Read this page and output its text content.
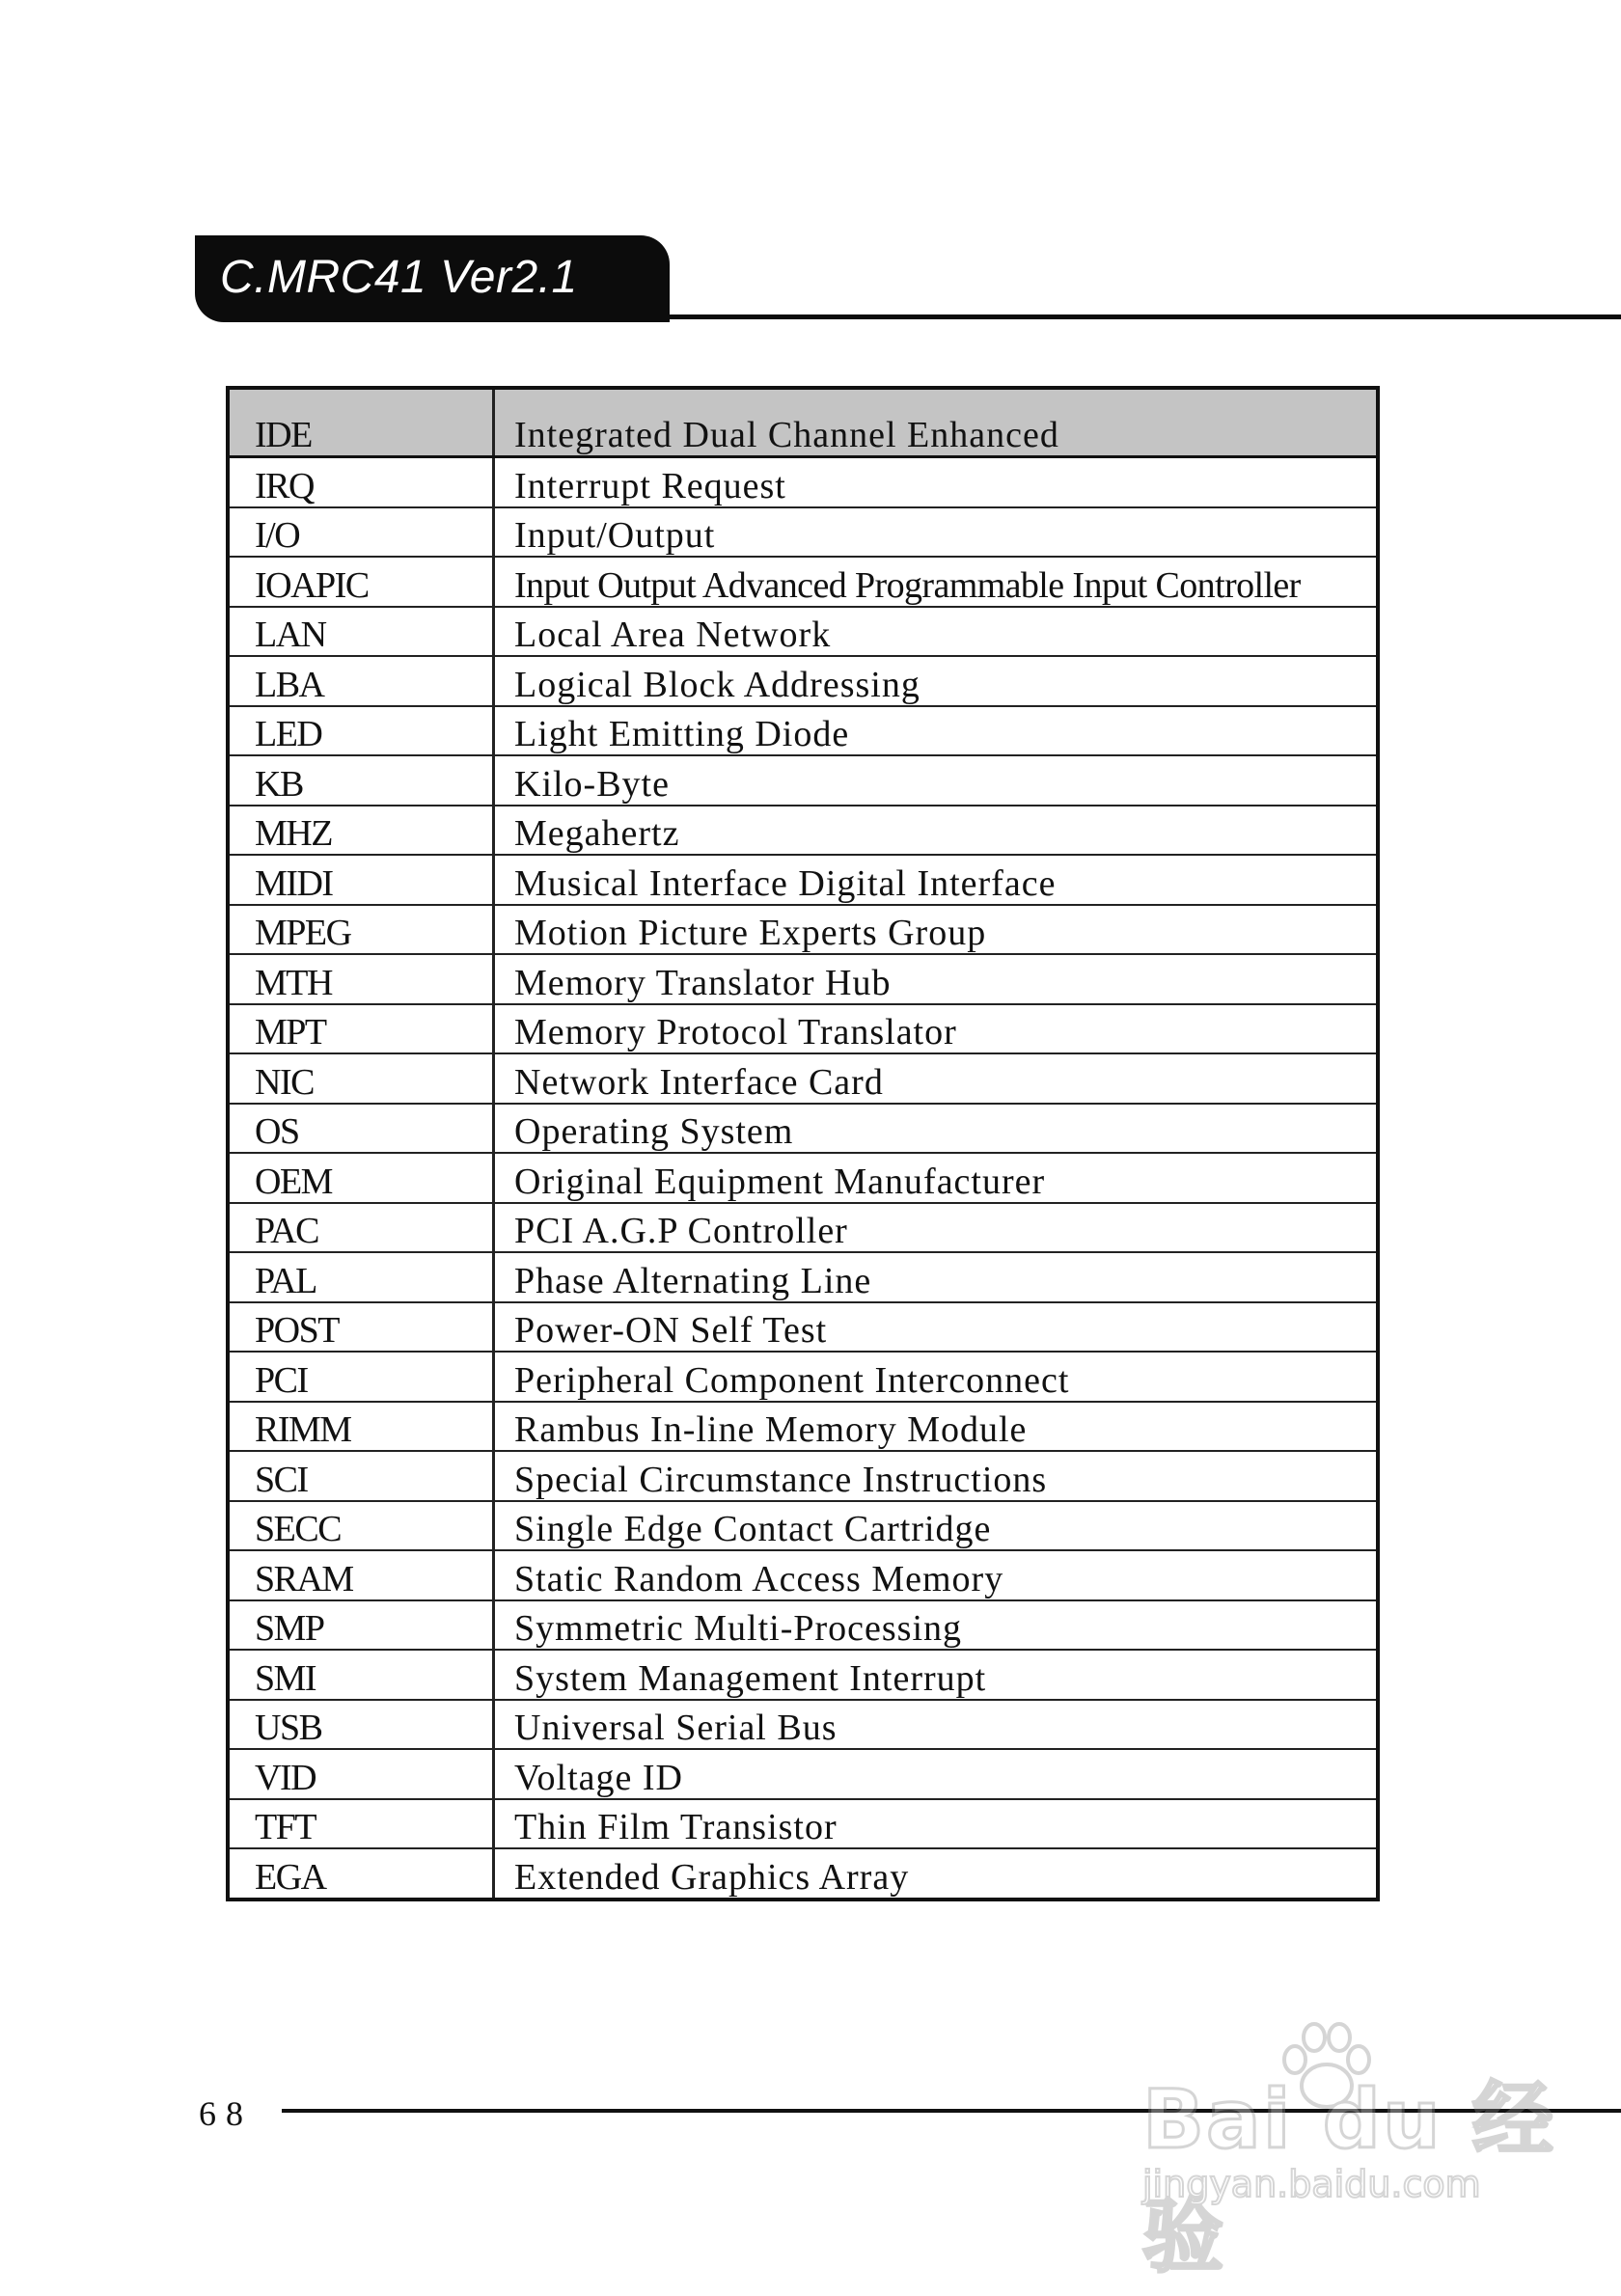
C.MRC41 Ver2.1
IDE	Integrated Dual Channel Enhanced
IRQ	Interrupt Request
I/O	Input/Output
IOAPIC	Input Output Advanced Programmable Input Controller
LAN	Local Area Network
LBA	Logical Block Addressing
LED	Light Emitting Diode
KB	Kilo-Byte
MHZ	Megahertz
MIDI	Musical Interface Digital Interface
MPEG	Motion Picture Experts Group
MTH	Memory Translator Hub
MPT	Memory Protocol Translator
NIC	Network Interface Card
OS	Operating System
OEM	Original Equipment Manufacturer
PAC	PCI A.G.P Controller
PAL	Phase Alternating Line
POST	Power-ON Self Test
PCI	Peripheral Component Interconnect
RIMM	Rambus In-line Memory Module
SCI	Special Circumstance Instructions
SECC	Single Edge Contact Cartridge
SRAM	Static Random Access Memory
SMP	Symmetric Multi-Processing
SMI	System Management Interrupt
USB	Universal Serial Bus
VID	Voltage ID
TFT	Thin Film Transistor
EGA	Extended Graphics Array
68	Bai du 经验
jingyan.baidu.com
